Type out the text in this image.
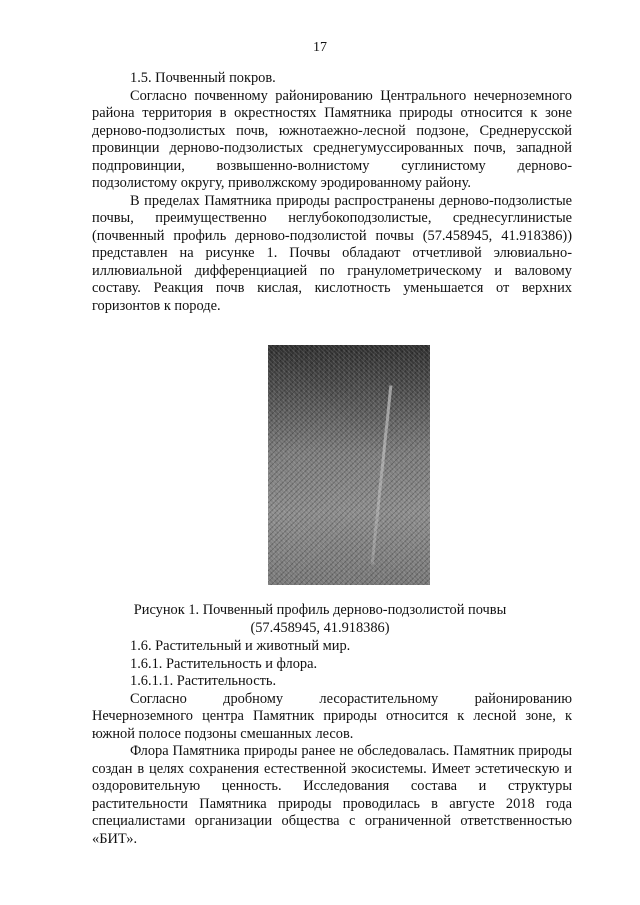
17

1.5. Почвенный покров.

Согласно почвенному районированию Центрального нечерноземного района территория в окрестностях Памятника природы относится к зоне дерново-подзолистых почв, южнотаежно-лесной подзоне, Среднерусской провинции дерново-подзолистых среднегумуссированных почв, западной подпровинции, возвышенно-волнистому суглинистому дерново-подзолистому округу, приволжскому эродированному району.

В пределах Памятника природы распространены дерново-подзолистые почвы, преимущественно неглубокоподзолистые, среднесуглинистые (почвенный профиль дерново-подзолистой почвы (57.458945, 41.918386)) представлен на рисунке 1. Почвы обладают отчетливой элювиально-иллювиальной дифференциацией по гранулометрическому и валовому составу. Реакция почв кислая, кислотность уменьшается от верхних горизонтов к породе.

Рисунок 1. Почвенный профиль дерново-подзолистой почвы
(57.458945, 41.918386)

1.6. Растительный и животный мир.

1.6.1. Растительность и флора.

1.6.1.1. Растительность.

Согласно дробному лесорастительному районированию Нечерноземного центра Памятник природы относится к лесной зоне, к южной полосе подзоны смешанных лесов.

Флора Памятника природы ранее не обследовалась. Памятник природы создан в целях сохранения естественной экосистемы. Имеет эстетическую и оздоровительную ценность. Исследования состава и структуры растительности Памятника природы проводилась в августе 2018 года специалистами организации общества с ограниченной ответственностью «БИТ».
